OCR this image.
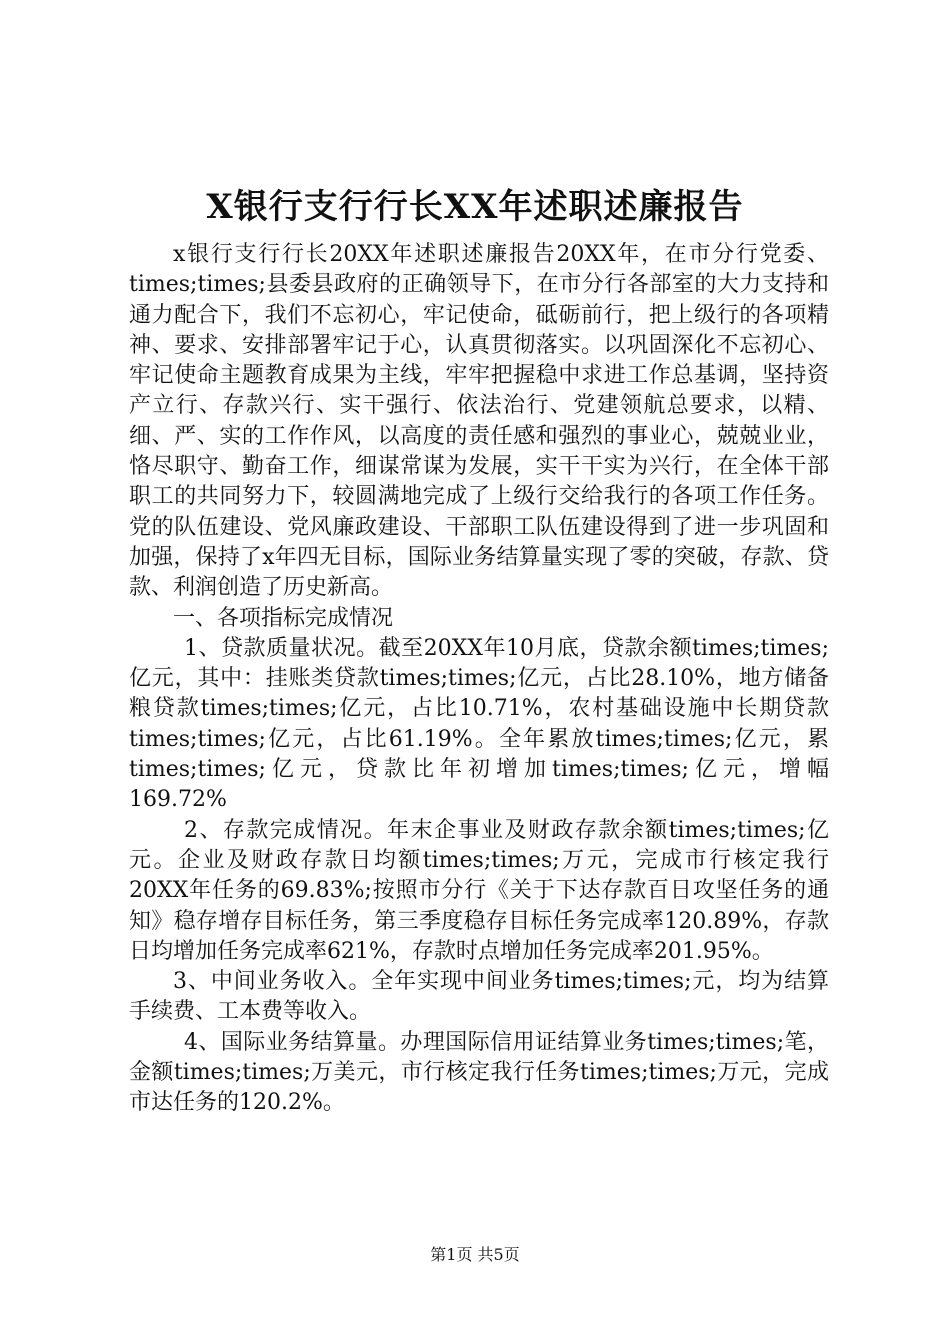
X银行支行行长XX年述职述廉报告

x银行支行行长20XX年述职述廉报告20XX年，在市分行党委、times;times;县委县政府的正确领导下，在市分行各部室的大力支持和通力配合下，我们不忘初心，牢记使命，砥砺前行，把上级行的各项精神、要求、安排部署牢记于心，认真贯彻落实。以巩固深化不忘初心、牢记使命主题教育成果为主线，牢牢把握稳中求进工作总基调，坚持资产立行、存款兴行、实干强行、依法治行、党建领航总要求，以精、细、严、实的工作作风，以高度的责任感和强烈的事业心，兢兢业业，恪尽职守、勤奋工作，细谋常谋为发展，实干干实为兴行，在全体干部职工的共同努力下，较圆满地完成了上级行交给我行的各项工作任务。党的队伍建设、党风廉政建设、干部职工队伍建设得到了进一步巩固和加强，保持了x年四无目标，国际业务结算量实现了零的突破，存款、贷款、利润创造了历史新高。

一、各项指标完成情况

1、贷款质量状况。截至20XX年10月底，贷款余额times;times;亿元，其中：挂账类贷款times;times;亿元，占比28.10%，地方储备粮贷款times;times;亿元，占比10.71%，农村基础设施中长期贷款times;times;亿元，占比61.19%。全年累放times;times;亿元，累times;times;亿元，贷款比年初增加times;times;亿元，增幅169.72%

2、存款完成情况。年末企事业及财政存款余额times;times;亿元。企业及财政存款日均额times;times;万元，完成市行核定我行20XX年任务的69.83%;按照市分行《关于下达存款百日攻坚任务的通知》稳存增存目标任务，第三季度稳存目标任务完成率120.89%，存款日均增加任务完成率621%，存款时点增加任务完成率201.95%。

3、中间业务收入。全年实现中间业务times;times;元，均为结算手续费、工本费等收入。

4、国际业务结算量。办理国际信用证结算业务times;times;笔，金额times;times;万美元，市行核定我行任务times;times;万元，完成市达任务的120.2%。

第1页 共5页
